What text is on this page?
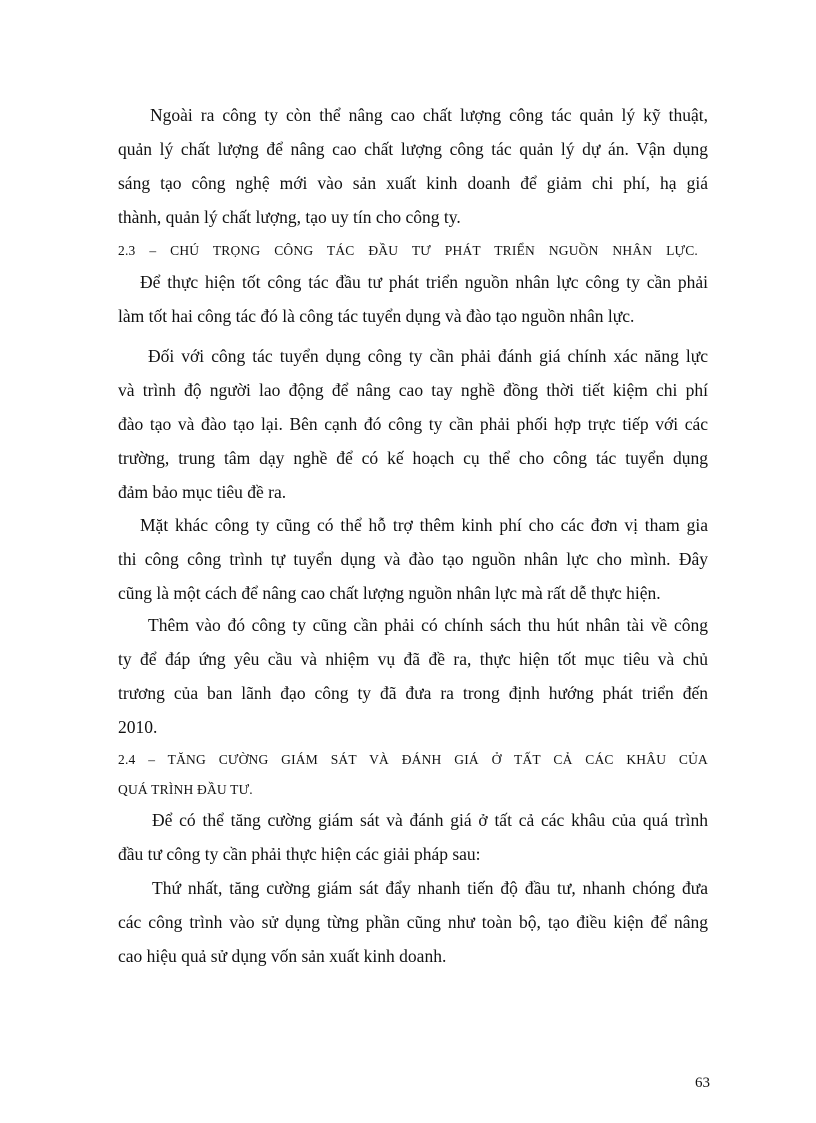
Ngoài ra công ty còn thể nâng cao chất lượng công tác quản lý kỹ thuật,
quản lý chất lượng để nâng cao chất lượng công tác quản lý dự án. Vận dụng
sáng tạo công nghệ mới vào sản xuất kinh doanh để giảm chi phí, hạ giá
thành, quản lý chất lượng, tạo uy tín cho công ty.
2.3 – CHÚ TRỌNG CÔNG TÁC ĐẦU TƯ PHÁT TRIỂN NGUỒN NHÂN LỰC.
Để thực hiện tốt công tác đầu tư phát triển nguồn nhân lực công ty cần phải
làm tốt hai công tác đó là công tác tuyển dụng và đào tạo nguồn nhân lực.
Đối với công tác tuyển dụng công ty cần phải đánh giá chính xác năng lực
và trình độ người lao động để nâng cao tay nghề đồng thời tiết kiệm chi phí
đào tạo và đào tạo lại. Bên cạnh đó công ty cần phải phối hợp trực tiếp với các
trường, trung tâm dạy nghề để có kế hoạch cụ thể cho công tác tuyển dụng
đảm bảo mục tiêu đề ra.
Mặt khác công ty cũng có thể hỗ trợ thêm kinh phí cho các đơn vị tham gia
thi công công trình tự tuyển dụng và đào tạo nguồn nhân lực cho mình. Đây
cũng là một cách để nâng cao chất lượng nguồn nhân lực mà rất dễ thực hiện.
Thêm vào đó công ty cũng cần phải có chính sách thu hút nhân tài về công
ty để đáp ứng yêu cầu và nhiệm vụ đã đề ra, thực hiện tốt mục tiêu và chủ
trương của ban lãnh đạo công ty đã đưa ra trong định hướng phát triển đến
2010.
2.4 – TĂNG CƯỜNG GIÁM SÁT VÀ ĐÁNH GIÁ Ở TẤT CẢ CÁC KHÂU CỦA
QUÁ TRÌNH ĐẦU TƯ.
Để có thể tăng cường giám sát và đánh giá ở tất cả các khâu của quá trình
đầu tư công ty cần phải thực hiện các giải pháp sau:
Thứ nhất, tăng cường giám sát đẩy nhanh tiến độ đầu tư, nhanh chóng đưa
các công trình vào sử dụng từng phần cũng như toàn bộ, tạo điều kiện để nâng
cao hiệu quả sử dụng vốn sản xuất kinh doanh.
63
